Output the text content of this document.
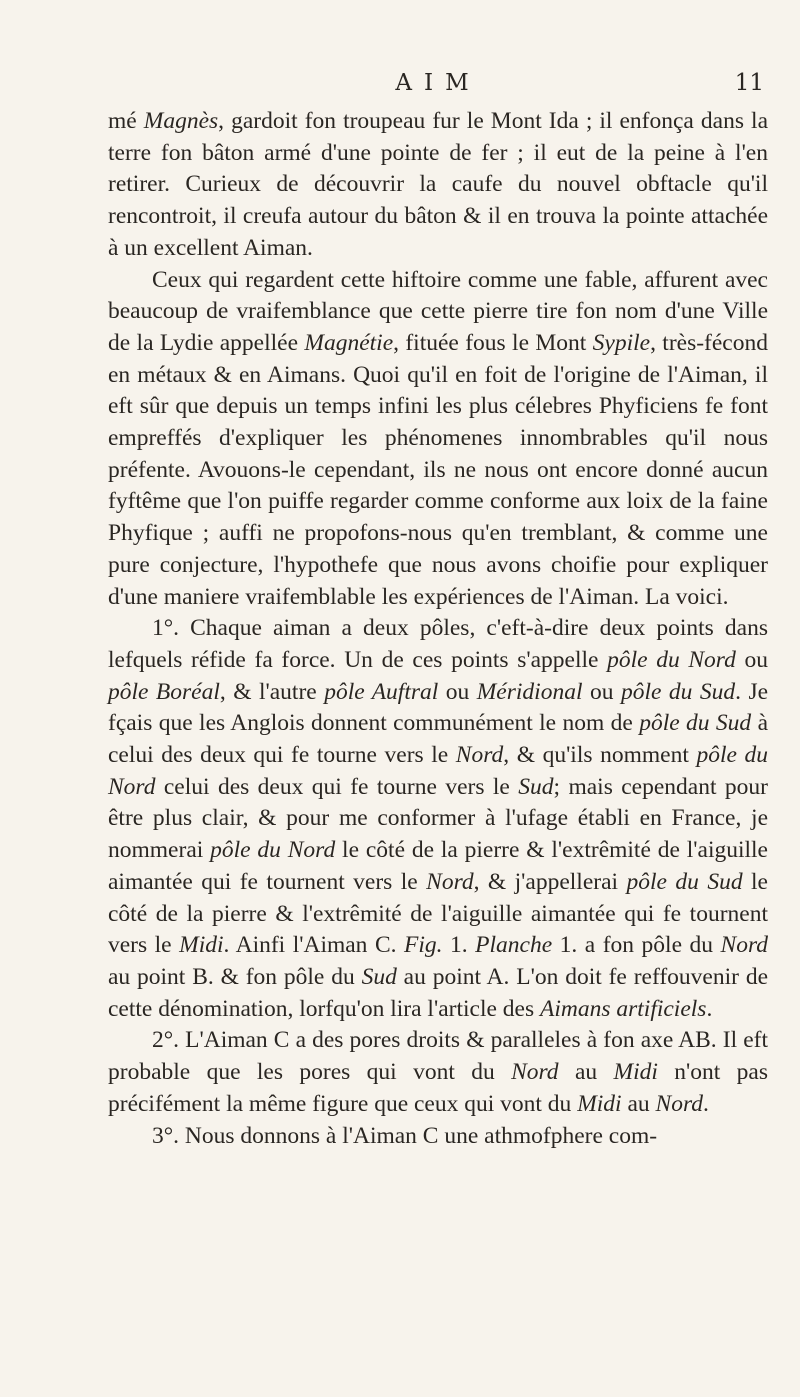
AIM	11

mé Magnès, gardoit fon troupeau fur le Mont Ida ; il enfonça dans la terre fon bâton armé d'une pointe de fer ; il eut de la peine à l'en retirer. Curieux de découvrir la caufe du nouvel obftacle qu'il rencontroit, il creufa autour du bâton & il en trouva la pointe attachée à un excellent Aiman.

Ceux qui regardent cette hiftoire comme une fable, affurent avec beaucoup de vraifemblance que cette pierre tire fon nom d'une Ville de la Lydie appellée Magnétie, fituée fous le Mont Sypile, très-fécond en métaux & en Aimans. Quoi qu'il en foit de l'origine de l'Aiman, il eft sûr que depuis un temps infini les plus célebres Phyficiens fe font empreffés d'expliquer les phénomenes innombrables qu'il nous préfente. Avouons-le cependant, ils ne nous ont encore donné aucun fyftême que l'on puiffe regarder comme conforme aux loix de la faine Phyfique ; auffi ne propofons-nous qu'en tremblant, & comme une pure conjecture, l'hypothefe que nous avons choifie pour expliquer d'une maniere vraifemblable les expériences de l'Aiman. La voici.

1°. Chaque aiman a deux pôles, c'eft-à-dire deux points dans lefquels réfide fa force. Un de ces points s'appelle pôle du Nord ou pôle Boréal, & l'autre pôle Auftral ou Méridional ou pôle du Sud. Je fçais que les Anglois donnent communément le nom de pôle du Sud à celui des deux qui fe tourne vers le Nord, & qu'ils nomment pôle du Nord celui des deux qui fe tourne vers le Sud; mais cependant pour être plus clair, & pour me conformer à l'ufage établi en France, je nommerai pôle du Nord le côté de la pierre & l'extrêmité de l'aiguille aimantée qui fe tournent vers le Nord, & j'appellerai pôle du Sud le côté de la pierre & l'extrêmité de l'aiguille aimantée qui fe tournent vers le Midi. Ainfi l'Aiman C. Fig. 1. Planche 1. a fon pôle du Nord au point B. & fon pôle du Sud au point A. L'on doit fe reffouvenir de cette dénomination, lorfqu'on lira l'article des Aimans artificiels.

2°. L'Aiman C a des pores droits & paralleles à fon axe AB. Il eft probable que les pores qui vont du Nord au Midi n'ont pas précifément la même figure que ceux qui vont du Midi au Nord.

3°. Nous donnons à l'Aiman C une athmofphere com-
